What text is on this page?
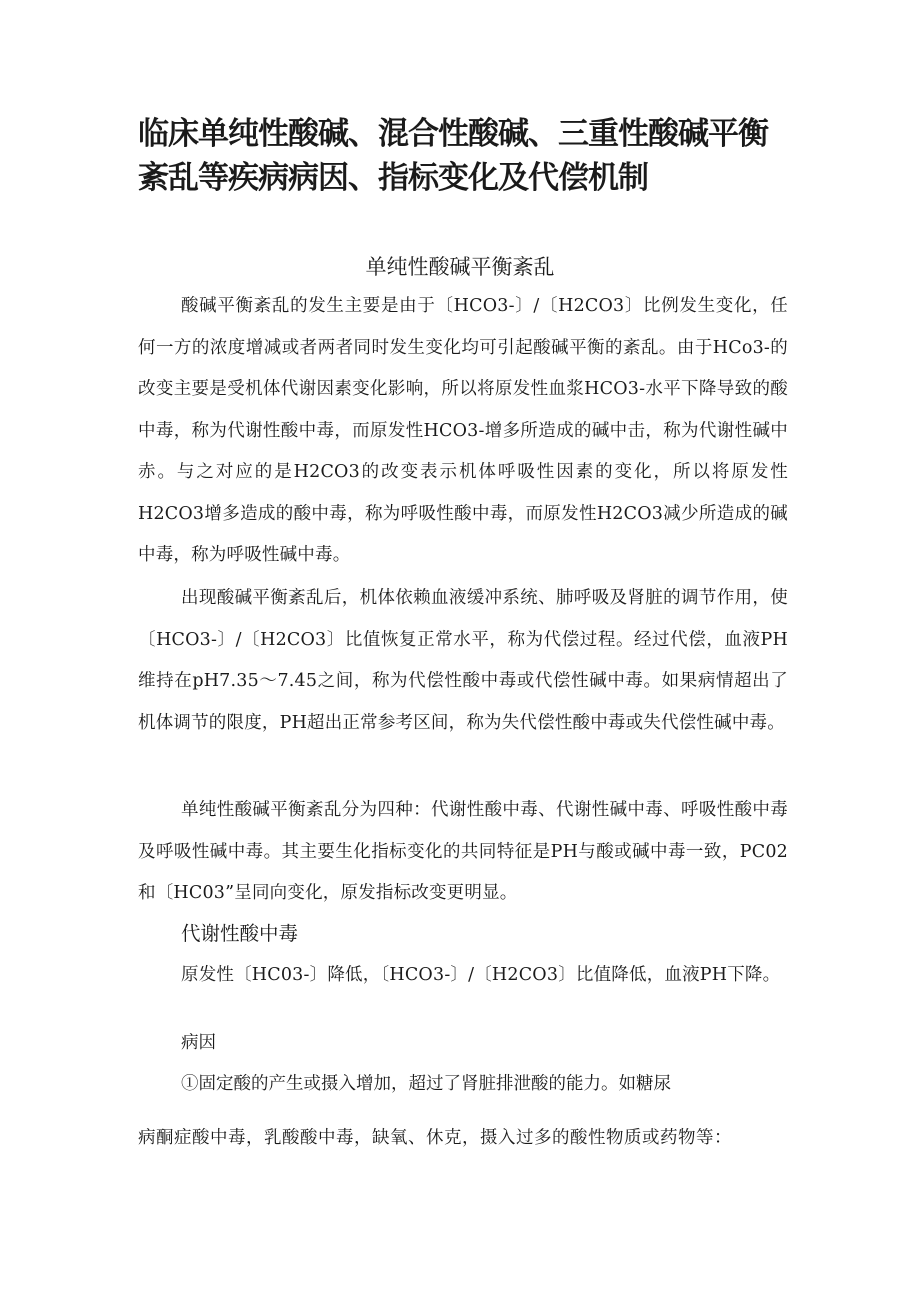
临床单纯性酸碱、混合性酸碱、三重性酸碱平衡
紊乱等疾病病因、指标变化及代偿机制
单纯性酸碱平衡紊乱

酸碱平衡紊乱的发生主要是由于〔HCO3-〕/〔H2CO3〕比例发生变化，任何一方的浓度增减或者两者同时发生变化均可引起酸碱平衡的紊乱。由于HCo3-的改变主要是受机体代谢因素变化影响，所以将原发性血浆HCO3-水平下降导致的酸中毒，称为代谢性酸中毒，而原发性HCO3-增多所造成的碱中击，称为代谢性碱中赤。与之对应的是H2CO3的改变表示机体呼吸性因素的变化，所以将原发性H2CO3增多造成的酸中毒，称为呼吸性酸中毒，而原发性H2CO3减少所造成的碱中毒，称为呼吸性碱中毒。

出现酸碱平衡紊乱后，机体依赖血液缓冲系统、肺呼吸及肾脏的调节作用，使〔HCO3-〕/〔H2CO3〕比值恢复正常水平，称为代偿过程。经过代偿，血液PH维持在pH7.35～7.45之间，称为代偿性酸中毒或代偿性碱中毒。如果病情超出了机体调节的限度，PH超出正常参考区间，称为失代偿性酸中毒或失代偿性碱中毒。

单纯性酸碱平衡紊乱分为四种：代谢性酸中毒、代谢性碱中毒、呼吸性酸中毒及呼吸性碱中毒。其主要生化指标变化的共同特征是PH与酸或碱中毒一致，PC02和〔HC03”呈同向变化，原发指标改变更明显。

代谢性酸中毒

原发性〔HC03-〕降低，〔HCO3-〕/〔H2CO3〕比值降低，血液PH下降。

病因

①固定酸的产生或摄入增加，超过了肾脏排泄酸的能力。如糖尿

病酮症酸中毒，乳酸酸中毒，缺氧、休克，摄入过多的酸性物质或药物等：
